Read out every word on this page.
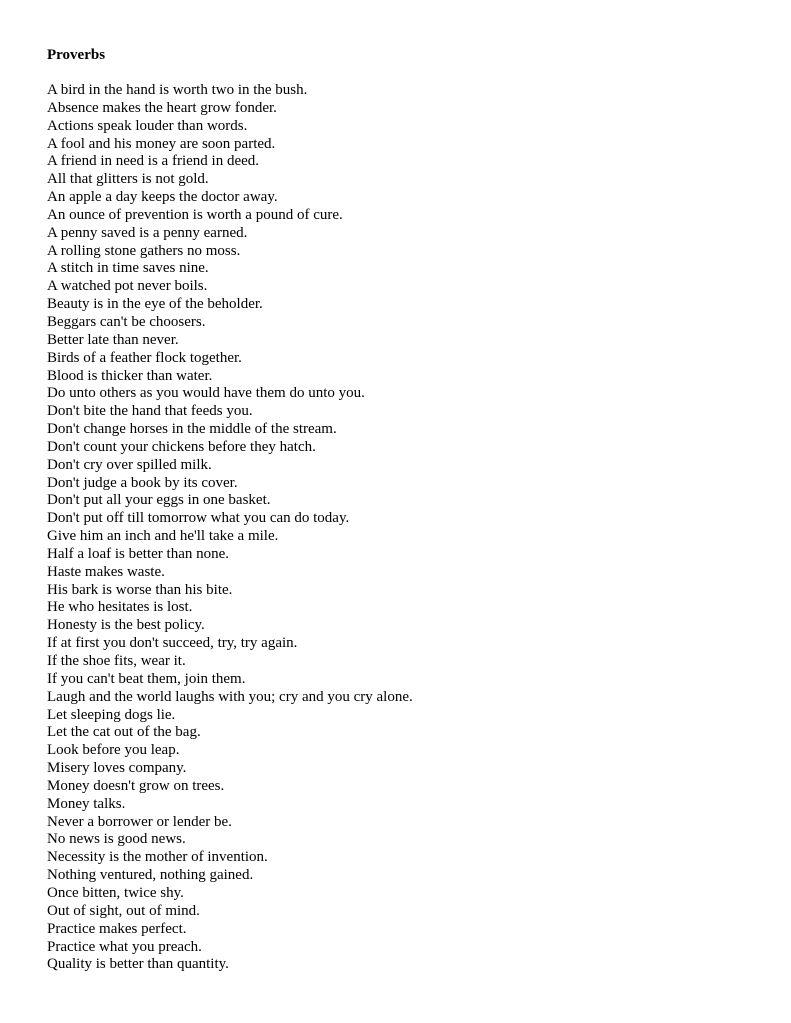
Proverbs
A bird in the hand is worth two in the bush.
Absence makes the heart grow fonder.
Actions speak louder than words.
A fool and his money are soon parted.
A friend in need is a friend in deed.
All that glitters is not gold.
An apple a day keeps the doctor away.
An ounce of prevention is worth a pound of cure.
A penny saved is a penny earned.
A rolling stone gathers no moss.
A stitch in time saves nine.
A watched pot never boils.
Beauty is in the eye of the beholder.
Beggars can't be choosers.
Better late than never.
Birds of a feather flock together.
Blood is thicker than water.
Do unto others as you would have them do unto you.
Don't bite the hand that feeds you.
Don't change horses in the middle of the stream.
Don't count your chickens before they hatch.
Don't cry over spilled milk.
Don't judge a book by its cover.
Don't put all your eggs in one basket.
Don't put off till tomorrow what you can do today.
Give him an inch and he'll take a mile.
Half a loaf is better than none.
Haste makes waste.
His bark is worse than his bite.
He who hesitates is lost.
Honesty is the best policy.
If at first you don't succeed, try, try again.
If the shoe fits, wear it.
If you can't beat them, join them.
Laugh and the world laughs with you; cry and you cry alone.
Let sleeping dogs lie.
Let the cat out of the bag.
Look before you leap.
Misery loves company.
Money doesn't grow on trees.
Money talks.
Never a borrower or lender be.
No news is good news.
Necessity is the mother of invention.
Nothing ventured, nothing gained.
Once bitten, twice shy.
Out of sight, out of mind.
Practice makes perfect.
Practice what you preach.
Quality is better than quantity.
